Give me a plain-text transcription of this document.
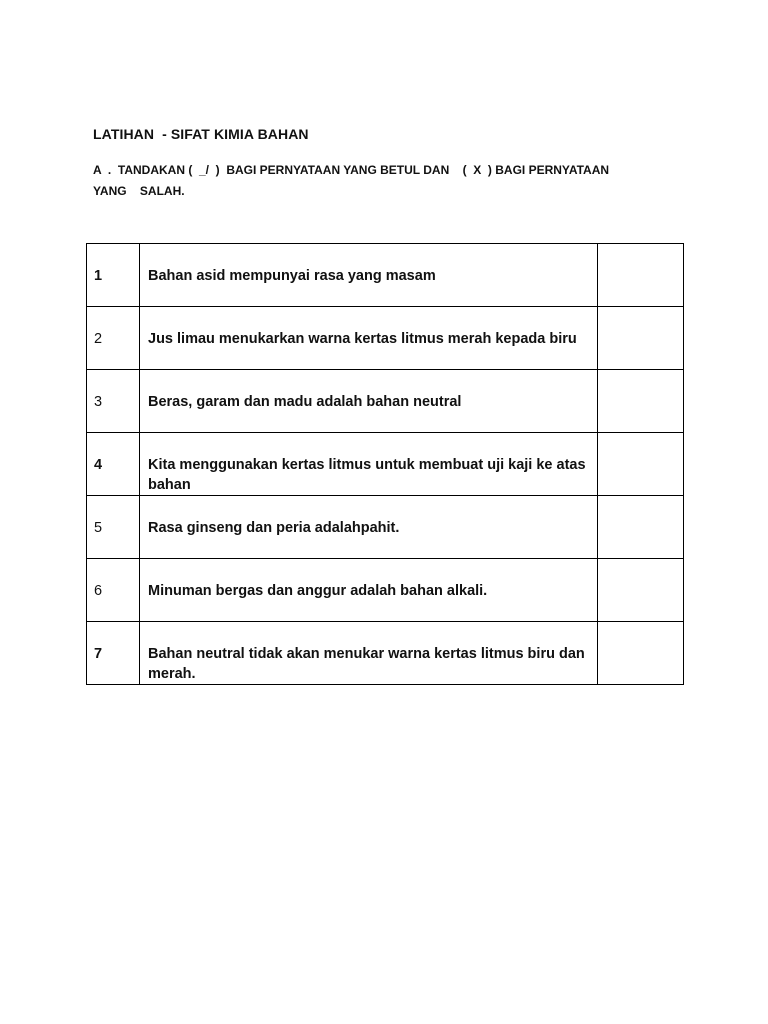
LATIHAN  - SIFAT KIMIA BAHAN
A  .  TANDAKAN (  _/  )  BAGI PERNYATAAN YANG BETUL DAN    (  X  ) BAGI PERNYATAAN
YANG    SALAH.
1	Bahan asid mempunyai rasa yang masam	

2	Jus limau menukarkan warna kertas litmus merah kepada biru	

3	Beras, garam dan madu adalah bahan neutral	

4	Kita menggunakan kertas litmus untuk membuat uji kaji ke atas bahan	

5	Rasa ginseng dan peria adalahpahit.	

6	Minuman bergas dan anggur adalah bahan alkali.	

7	Bahan neutral tidak akan menukar warna kertas litmus biru dan merah.	
